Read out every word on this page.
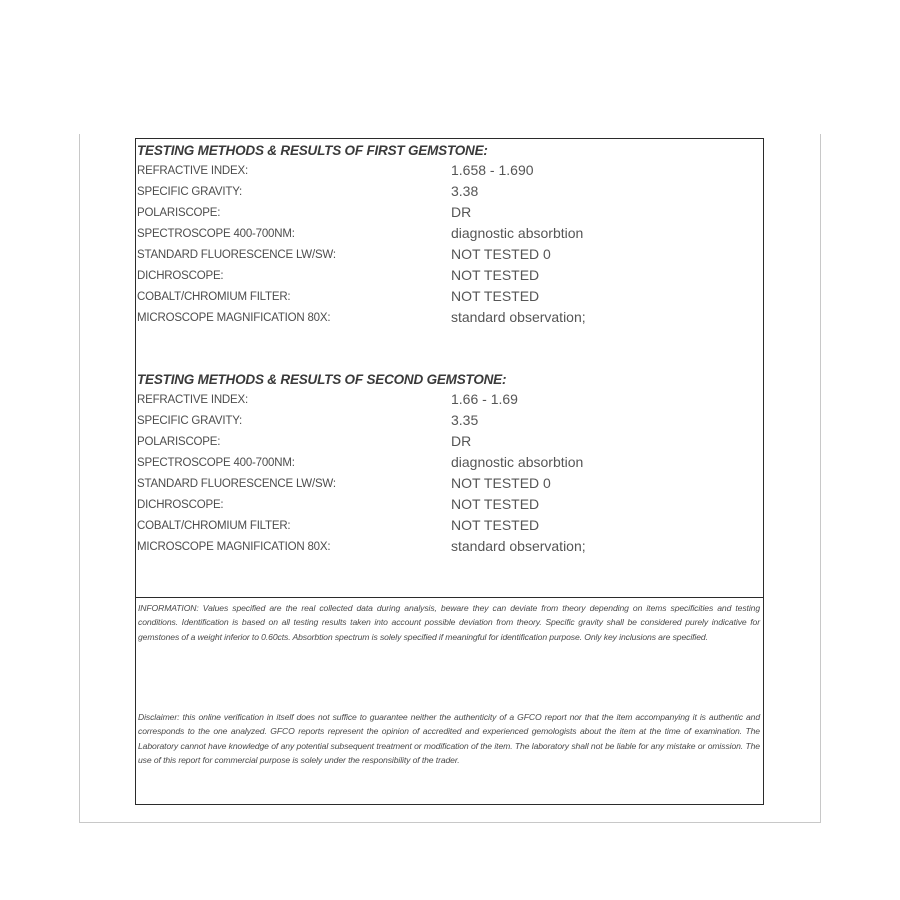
TESTING METHODS & RESULTS OF FIRST GEMSTONE:
REFRACTIVE INDEX:	1.658 - 1.690
SPECIFIC GRAVITY:	3.38
POLARISCOPE:	DR
SPECTROSCOPE 400-700NM:	diagnostic absorbtion
STANDARD FLUORESCENCE LW/SW:	NOT TESTED 0
DICHROSCOPE:	NOT TESTED
COBALT/CHROMIUM FILTER:	NOT TESTED
MICROSCOPE MAGNIFICATION 80X:	standard observation;
TESTING METHODS & RESULTS OF SECOND GEMSTONE:
REFRACTIVE INDEX:	1.66 - 1.69
SPECIFIC GRAVITY:	3.35
POLARISCOPE:	DR
SPECTROSCOPE 400-700NM:	diagnostic absorbtion
STANDARD FLUORESCENCE LW/SW:	NOT TESTED 0
DICHROSCOPE:	NOT TESTED
COBALT/CHROMIUM FILTER:	NOT TESTED
MICROSCOPE MAGNIFICATION 80X:	standard observation;
INFORMATION: Values specified are the real collected data during analysis, beware they can deviate from theory depending on items specificities and testing conditions. Identification is based on all testing results taken into account possible deviation from theory. Specific gravity shall be considered purely indicative for gemstones of a weight inferior to 0.60cts. Absorbtion spectrum is solely specified if meaningful for identification purpose. Only key inclusions are specified.
Disclaimer: this online verification in itself does not suffice to guarantee neither the authenticity of a GFCO report nor that the item accompanying it is authentic and corresponds to the one analyzed. GFCO reports represent the opinion of accredited and experienced gemologists about the item at the time of examination. The Laboratory cannot have knowledge of any potential subsequent treatment or modification of the item. The laboratory shall not be liable for any mistake or omission. The use of this report for commercial purpose is solely under the responsibility of the trader.
